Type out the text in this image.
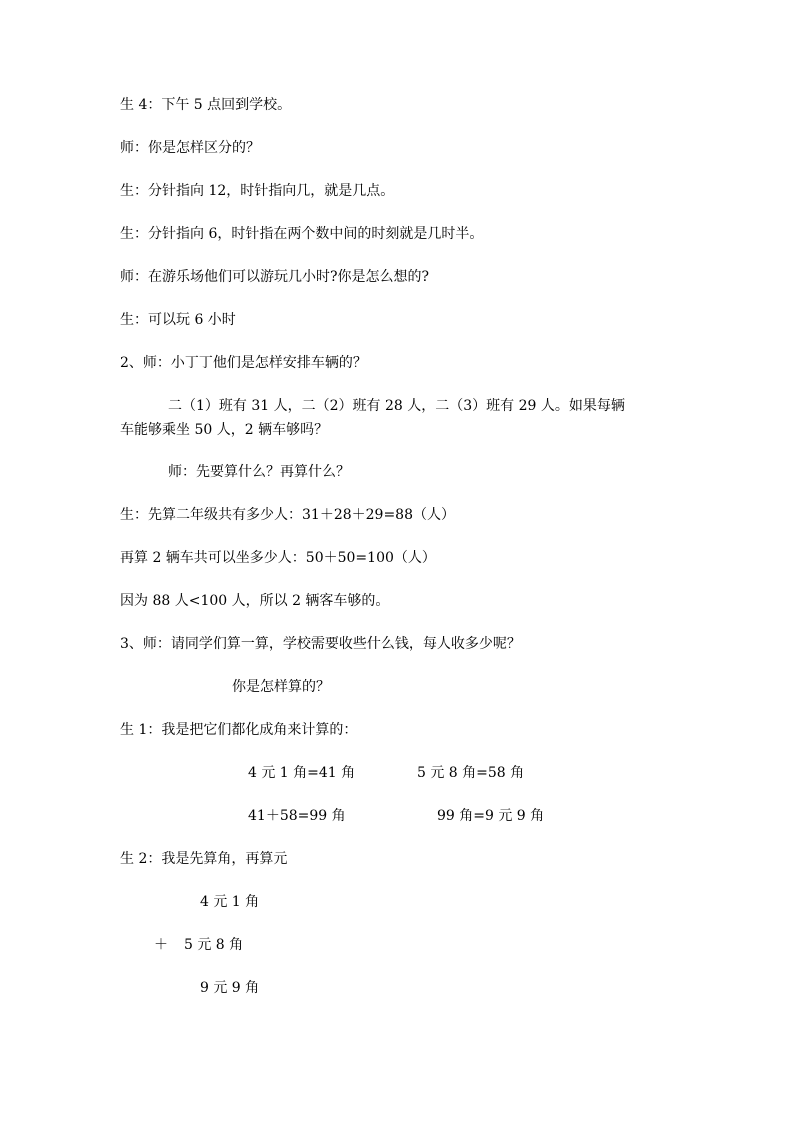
生 4：下午 5 点回到学校。
师：你是怎样区分的？
生：分针指向 12，时针指向几，就是几点。
生：分针指向 6，时针指在两个数中间的时刻就是几时半。
师：在游乐场他们可以游玩几小时?你是怎么想的?
生：可以玩 6 小时
2、师：小丁丁他们是怎样安排车辆的？
二（1）班有 31 人，二（2）班有 28 人，二（3）班有 29 人。如果每辆
车能够乘坐 50 人，2 辆车够吗？
师：先要算什么？再算什么？
生：先算二年级共有多少人：31＋28＋29=88（人）
再算 2 辆车共可以坐多少人：50＋50=100（人）
因为 88 人<100 人，所以 2 辆客车够的。
3、师：请同学们算一算，学校需要收些什么钱，每人收多少呢？
你是怎样算的？
生 1：我是把它们都化成角来计算的：
4 元 1 角=41 角	5 元 8 角=58 角
41＋58=99 角	99 角=9 元 9 角
生 2：我是先算角，再算元
4 元 1 角
＋ 5 元 8 角
9 元 9 角
